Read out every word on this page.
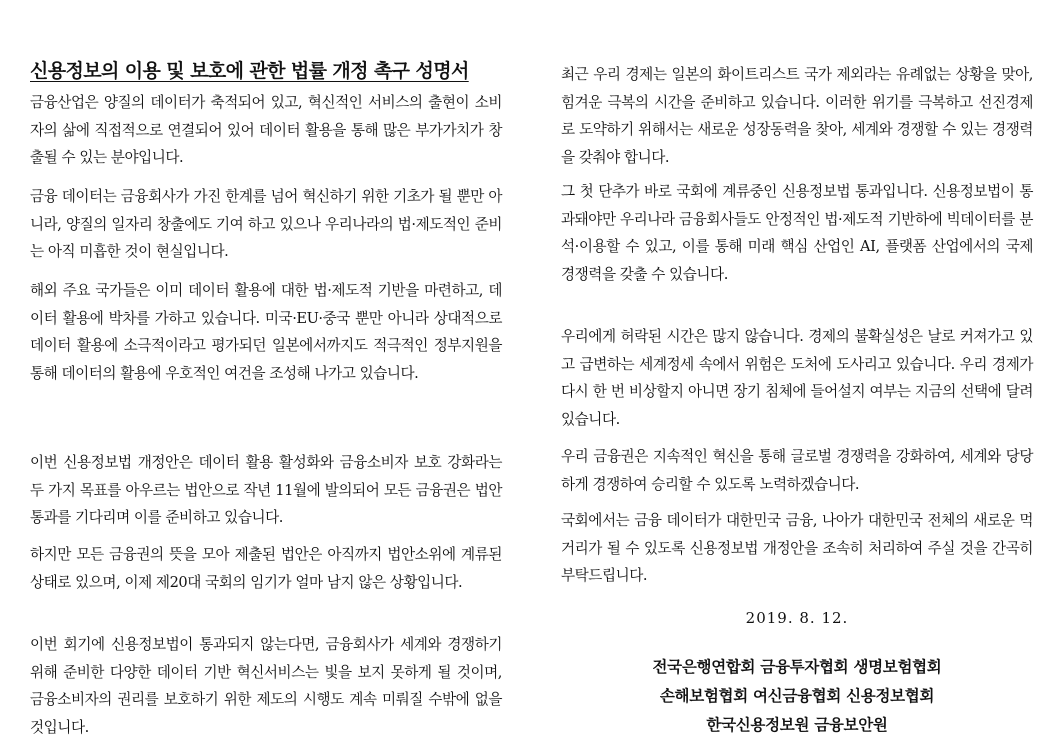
신용정보의 이용 및 보호에 관한 법률 개정 촉구 성명서

금융산업은 양질의 데이터가 축적되어 있고, 혁신적인 서비스의 출현이 소비자의 삶에 직접적으로 연결되어 있어 데이터 활용을 통해 많은 부가가치가 창출될 수 있는 분야입니다.

금융 데이터는 금융회사가 가진 한계를 넘어 혁신하기 위한 기초가 될 뿐만 아니라, 양질의 일자리 창출에도 기여 하고 있으나 우리나라의 법·제도적인 준비는 아직 미흡한 것이 현실입니다.

해외 주요 국가들은 이미 데이터 활용에 대한 법·제도적 기반을 마련하고, 데이터 활용에 박차를 가하고 있습니다. 미국·EU·중국 뿐만 아니라 상대적으로 데이터 활용에 소극적이라고 평가되던 일본에서까지도 적극적인 정부지원을 통해 데이터의 활용에 우호적인 여건을 조성해 나가고 있습니다.

이번 신용정보법 개정안은 데이터 활용 활성화와 금융소비자 보호 강화라는 두 가지 목표를 아우르는 법안으로 작년 11월에 발의되어 모든 금융권은 법안 통과를 기다리며 이를 준비하고 있습니다.

하지만 모든 금융권의 뜻을 모아 제출된 법안은 아직까지 법안소위에 계류된 상태로 있으며, 이제 제20대 국회의 임기가 얼마 남지 않은 상황입니다.

이번 회기에 신용정보법이 통과되지 않는다면, 금융회사가 세계와 경쟁하기 위해 준비한 다양한 데이터 기반 혁신서비스는 빛을 보지 못하게 될 것이며, 금융소비자의 권리를 보호하기 위한 제도의 시행도 계속 미뤄질 수밖에 없을 것입니다.

최근 우리 경제는 일본의 화이트리스트 국가 제외라는 유례없는 상황을 맞아, 힘겨운 극복의 시간을 준비하고 있습니다. 이러한 위기를 극복하고 선진경제로 도약하기 위해서는 새로운 성장동력을 찾아, 세계와 경쟁할 수 있는 경쟁력을 갖춰야 합니다.

그 첫 단추가 바로 국회에 계류중인 신용정보법 통과입니다. 신용정보법이 통과돼야만 우리나라 금융회사들도 안정적인 법·제도적 기반하에 빅데이터를 분석·이용할 수 있고, 이를 통해 미래 핵심 산업인 AI, 플랫폼 산업에서의 국제 경쟁력을 갖출 수 있습니다.

우리에게 허락된 시간은 많지 않습니다. 경제의 불확실성은 날로 커져가고 있고 급변하는 세계정세 속에서 위험은 도처에 도사리고 있습니다. 우리 경제가 다시 한 번 비상할지 아니면 장기 침체에 들어설지 여부는 지금의 선택에 달려있습니다.

우리 금융권은 지속적인 혁신을 통해 글로벌 경쟁력을 강화하여, 세계와 당당하게 경쟁하여 승리할 수 있도록 노력하겠습니다.

국회에서는 금융 데이터가 대한민국 금융, 나아가 대한민국 전체의 새로운 먹거리가 될 수 있도록 신용정보법 개정안을 조속히 처리하여 주실 것을 간곡히 부탁드립니다.

2019. 8. 12.

전국은행연합회 금융투자협회 생명보험협회

손해보험협회 여신금융협회 신용정보협회

한국신용정보원 금융보안원
